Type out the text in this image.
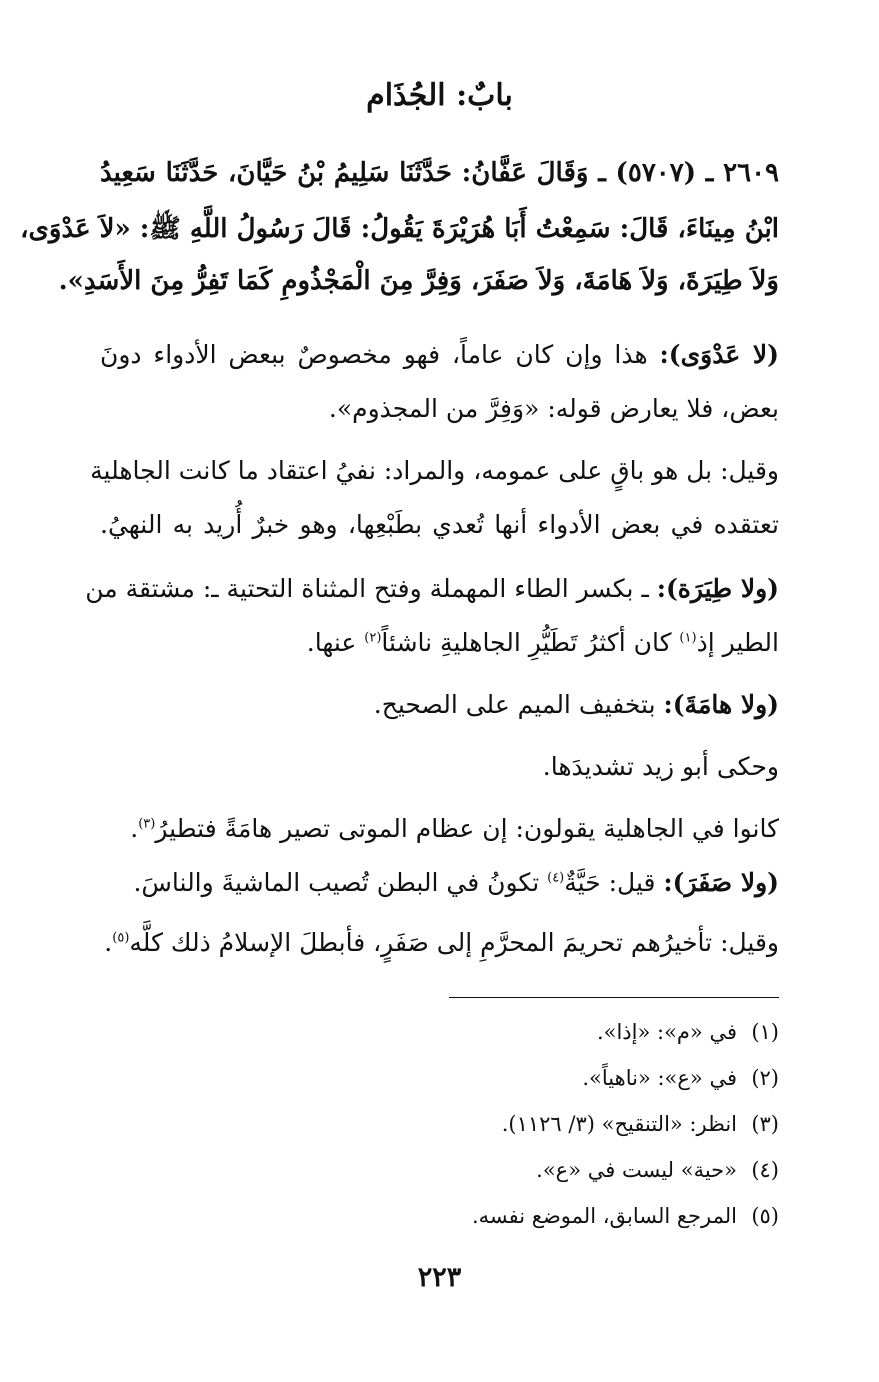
بابٌ: الجُذَام
٢٦٠٩ ـ (٥٧٠٧) ـ وَقَالَ عَفَّانُ: حَدَّثَنَا سَلِيمُ بْنُ حَيَّانَ، حَدَّثَنَا سَعِيدُ
ابْنُ مِينَاءَ، قَالَ: سَمِعْتُ أَبَا هُرَيْرَةَ يَقُولُ: قَالَ رَسُولُ اللَّهِ ﷺ: «لاَ عَدْوَى،
وَلاَ طِيَرَةَ، وَلاَ هَامَةَ، وَلاَ صَفَرَ، وَفِرَّ مِنَ الْمَجْذُومِ كَمَا تَفِرُّ مِنَ الأَسَدِ».
(لا عَدْوَى): هذا وإن كان عاماً، فهو مخصوصٌ ببعض الأدواء دونَ
بعض، فلا يعارض قوله: «وَفِرَّ من المجذوم».
وقيل: بل هو باقٍ على عمومه، والمراد: نفيُ اعتقاد ما كانت الجاهلية
تعتقده في بعض الأدواء أنها تُعدي بطَبْعِها، وهو خبرٌ أُريد به النهيُ.
(ولا طِيَرَة): ـ بكسر الطاء المهملة وفتح المثناة التحتية ـ: مشتقة من
الطير إذ$^{(١)}$ كان أكثرُ تَطَيُّرِ الجاهليةِ ناشئاً$^{(٢)}$ عنها.
(ولا هامَةَ): بتخفيف الميم على الصحيح.
وحكى أبو زيد تشديدَها.
كانوا في الجاهلية يقولون: إن عظام الموتى تصير هامَةً فتطيرُ$^{(٣)}$.
(ولا صَفَرَ): قيل: حَيَّةٌ$^{(٤)}$ تكونُ في البطن تُصيب الماشيةَ والناسَ.
وقيل: تأخيرُهم تحريمَ المحرَّمِ إلى صَفَرٍ، فأبطلَ الإسلامُ ذلك كلَّه$^{(٥)}$.
(١)في «م»: «إذا».
(٢)في «ع»: «ناهياً».
(٣)انظر: «التنقيح» (٣/ ١١٢٦).
(٤)«حية» ليست في «ع».
(٥)المرجع السابق، الموضع نفسه.
٢٢٣
